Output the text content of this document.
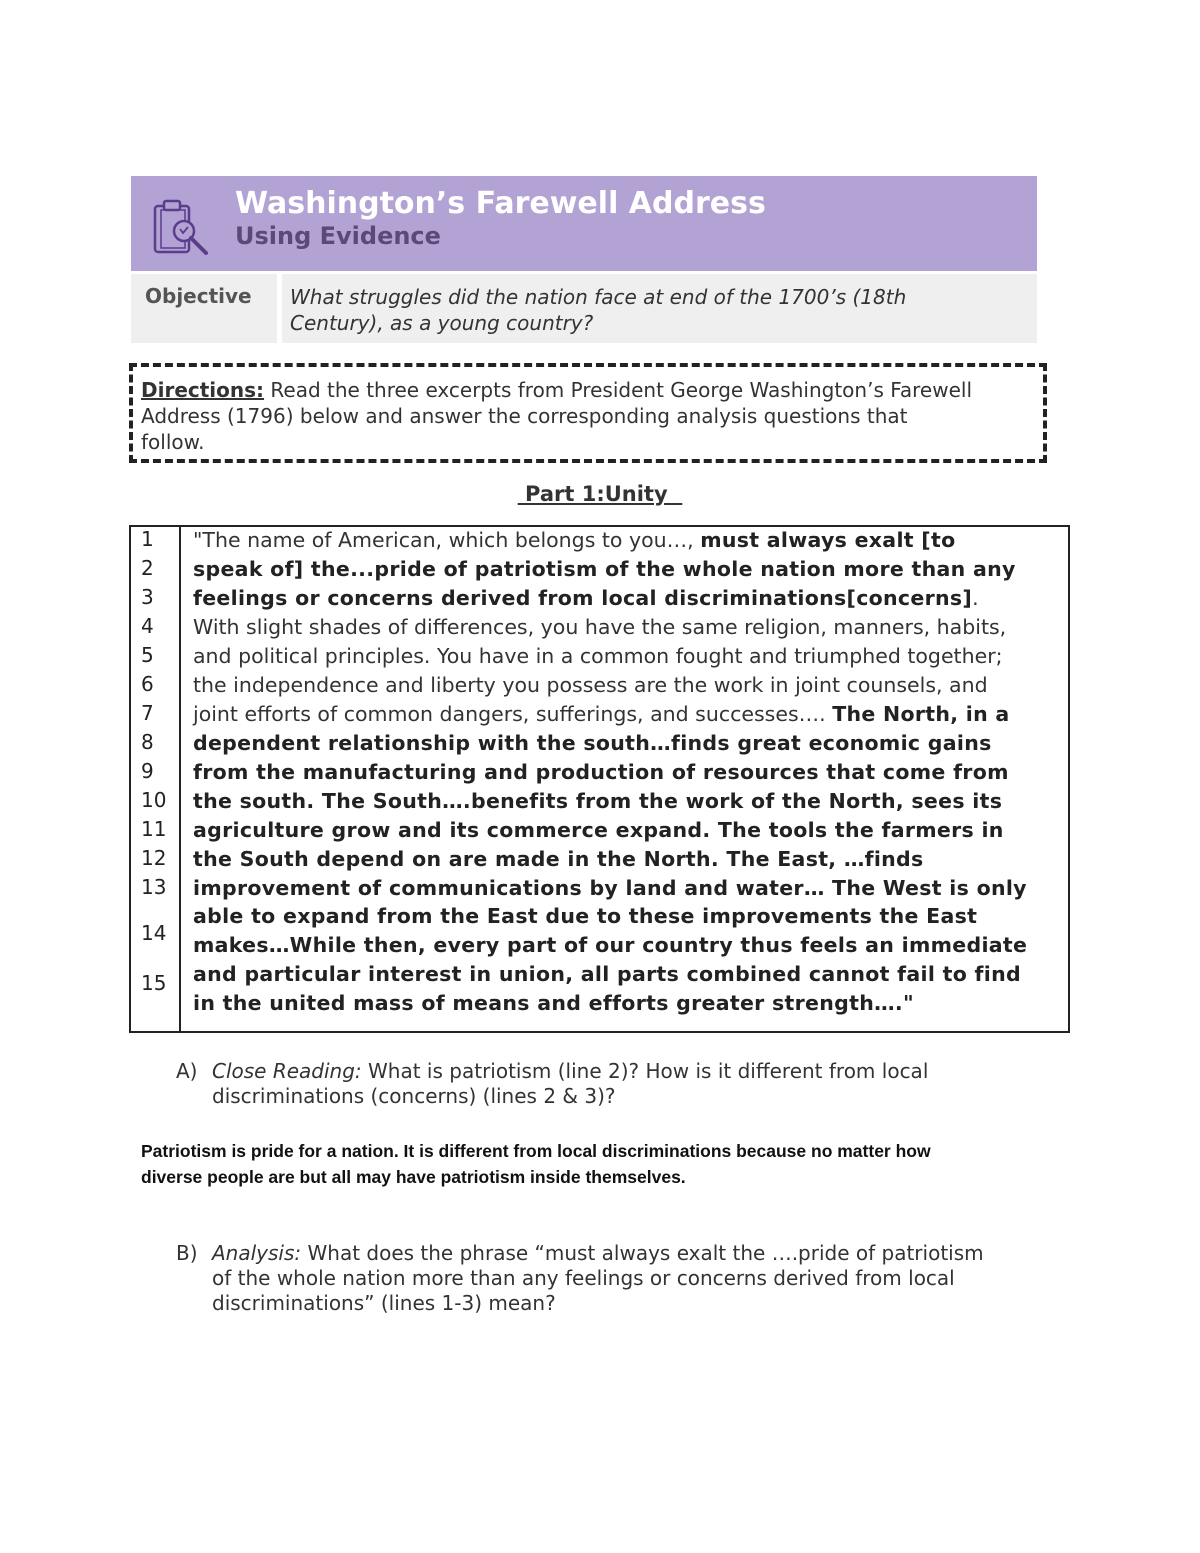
Washington’s Farewell Address
Using Evidence
Objective	What struggles did the nation face at end of the 1700’s (18th
Century), as a young country?
Directions: Read the three excerpts from President George Washington’s Farewell
Address (1796) below and answer the corresponding analysis questions that
follow.
Part 1:Unity
1
2
3
4
5
6
7
8
9
10
11
12
13
14
15
"The name of American, which belongs to you…, must always exalt [to
speak of] the...pride of patriotism of the whole nation more than any
feelings or concerns derived from local discriminations[concerns].
With slight shades of differences, you have the same religion, manners, habits,
and political principles. You have in a common fought and triumphed together;
the independence and liberty you possess are the work in joint counsels, and
joint efforts of common dangers, sufferings, and successes…. The North, in a
dependent relationship with the south…finds great economic gains
from the manufacturing and production of resources that come from
the south. The South….benefits from the work of the North, sees its
agriculture grow and its commerce expand. The tools the farmers in
the South depend on are made in the North. The East, …finds
improvement of communications by land and water… The West is only
able to expand from the East due to these improvements the East
makes…While then, every part of our country thus feels an immediate
and particular interest in union, all parts combined cannot fail to find
in the united mass of means and efforts greater strength…."
A) Close Reading: What is patriotism (line 2)? How is it different from local
discriminations (concerns) (lines 2 & 3)?
Patriotism is pride for a nation. It is different from local discriminations because no matter how
diverse people are but all may have patriotism inside themselves.
B) Analysis: What does the phrase “must always exalt the ….pride of patriotism
of the whole nation more than any feelings or concerns derived from local
discriminations” (lines 1-3) mean?
